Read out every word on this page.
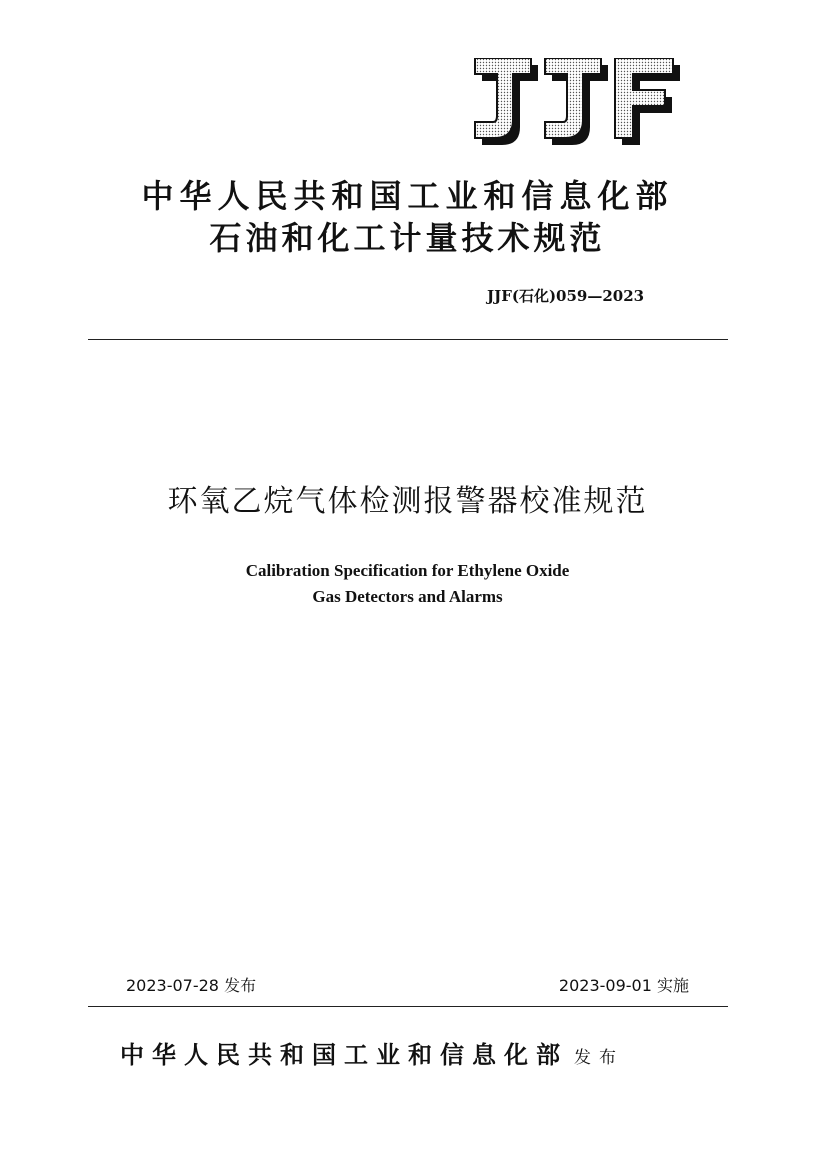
中华人民共和国工业和信息化部
石油和化工计量技术规范
JJF(石化)059—2023
环氧乙烷气体检测报警器校准规范
Calibration Specification for Ethylene Oxide
Gas Detectors and Alarms
2023-07-28 发布	2023-09-01 实施
中华人民共和国工业和信息化部 发布
